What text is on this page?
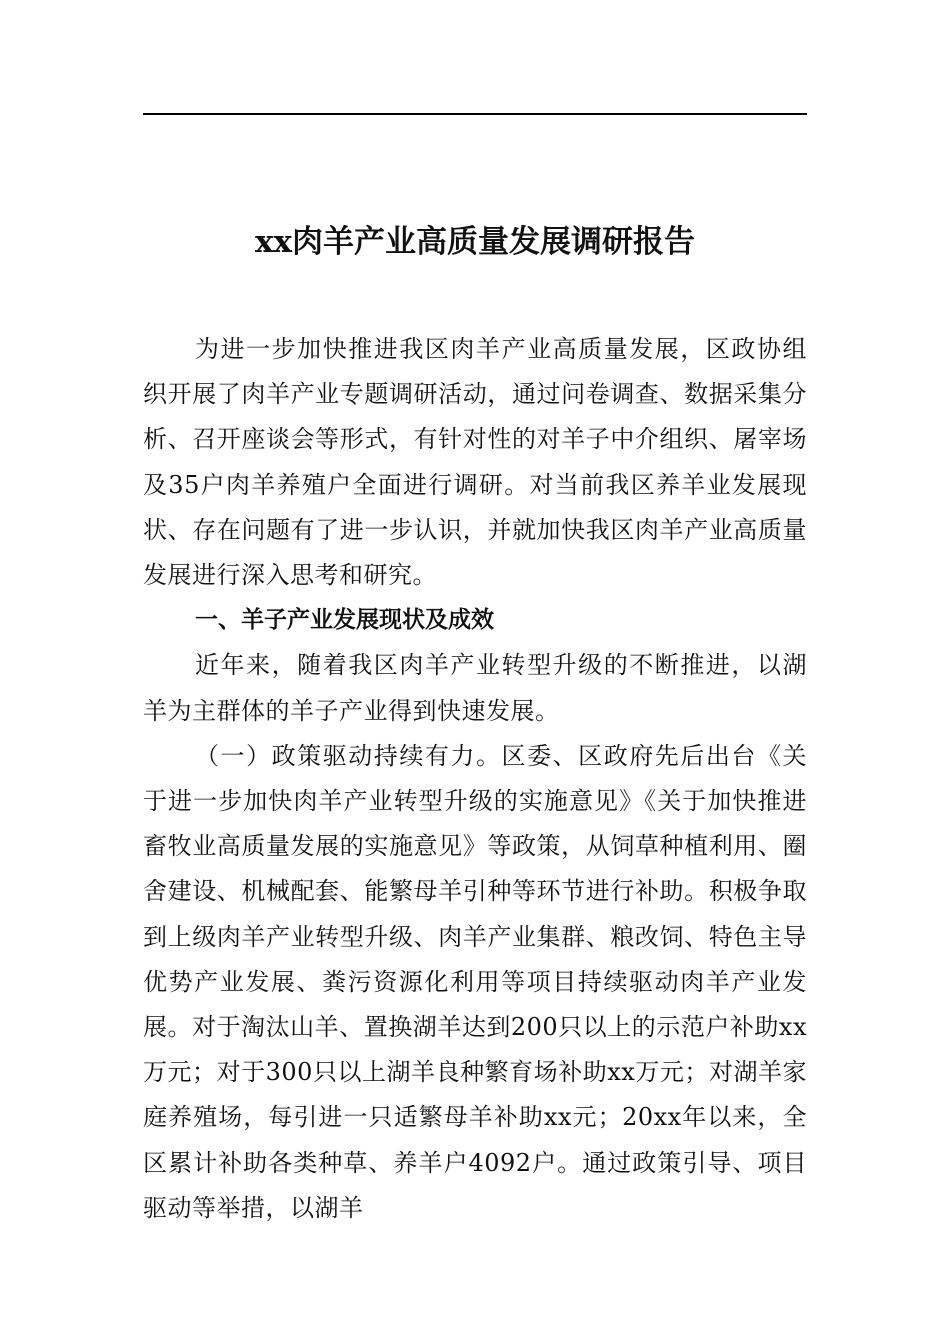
xx肉羊产业高质量发展调研报告

为进一步加快推进我区肉羊产业高质量发展，区政协组织开展了肉羊产业专题调研活动，通过问卷调查、数据采集分析、召开座谈会等形式，有针对性的对羊子中介组织、屠宰场及35户肉羊养殖户全面进行调研。对当前我区养羊业发展现状、存在问题有了进一步认识，并就加快我区肉羊产业高质量发展进行深入思考和研究。

一、羊子产业发展现状及成效

近年来，随着我区肉羊产业转型升级的不断推进，以湖羊为主群体的羊子产业得到快速发展。

（一）政策驱动持续有力。区委、区政府先后出台《关于进一步加快肉羊产业转型升级的实施意见》《关于加快推进畜牧业高质量发展的实施意见》等政策，从饲草种植利用、圈舍建设、机械配套、能繁母羊引种等环节进行补助。积极争取到上级肉羊产业转型升级、肉羊产业集群、粮改饲、特色主导优势产业发展、粪污资源化利用等项目持续驱动肉羊产业发展。对于淘汰山羊、置换湖羊达到200只以上的示范户补助xx万元；对于300只以上湖羊良种繁育场补助xx万元；对湖羊家庭养殖场，每引进一只适繁母羊补助xx元；20xx年以来，全区累计补助各类种草、养羊户4092户。通过政策引导、项目驱动等举措，以湖羊
